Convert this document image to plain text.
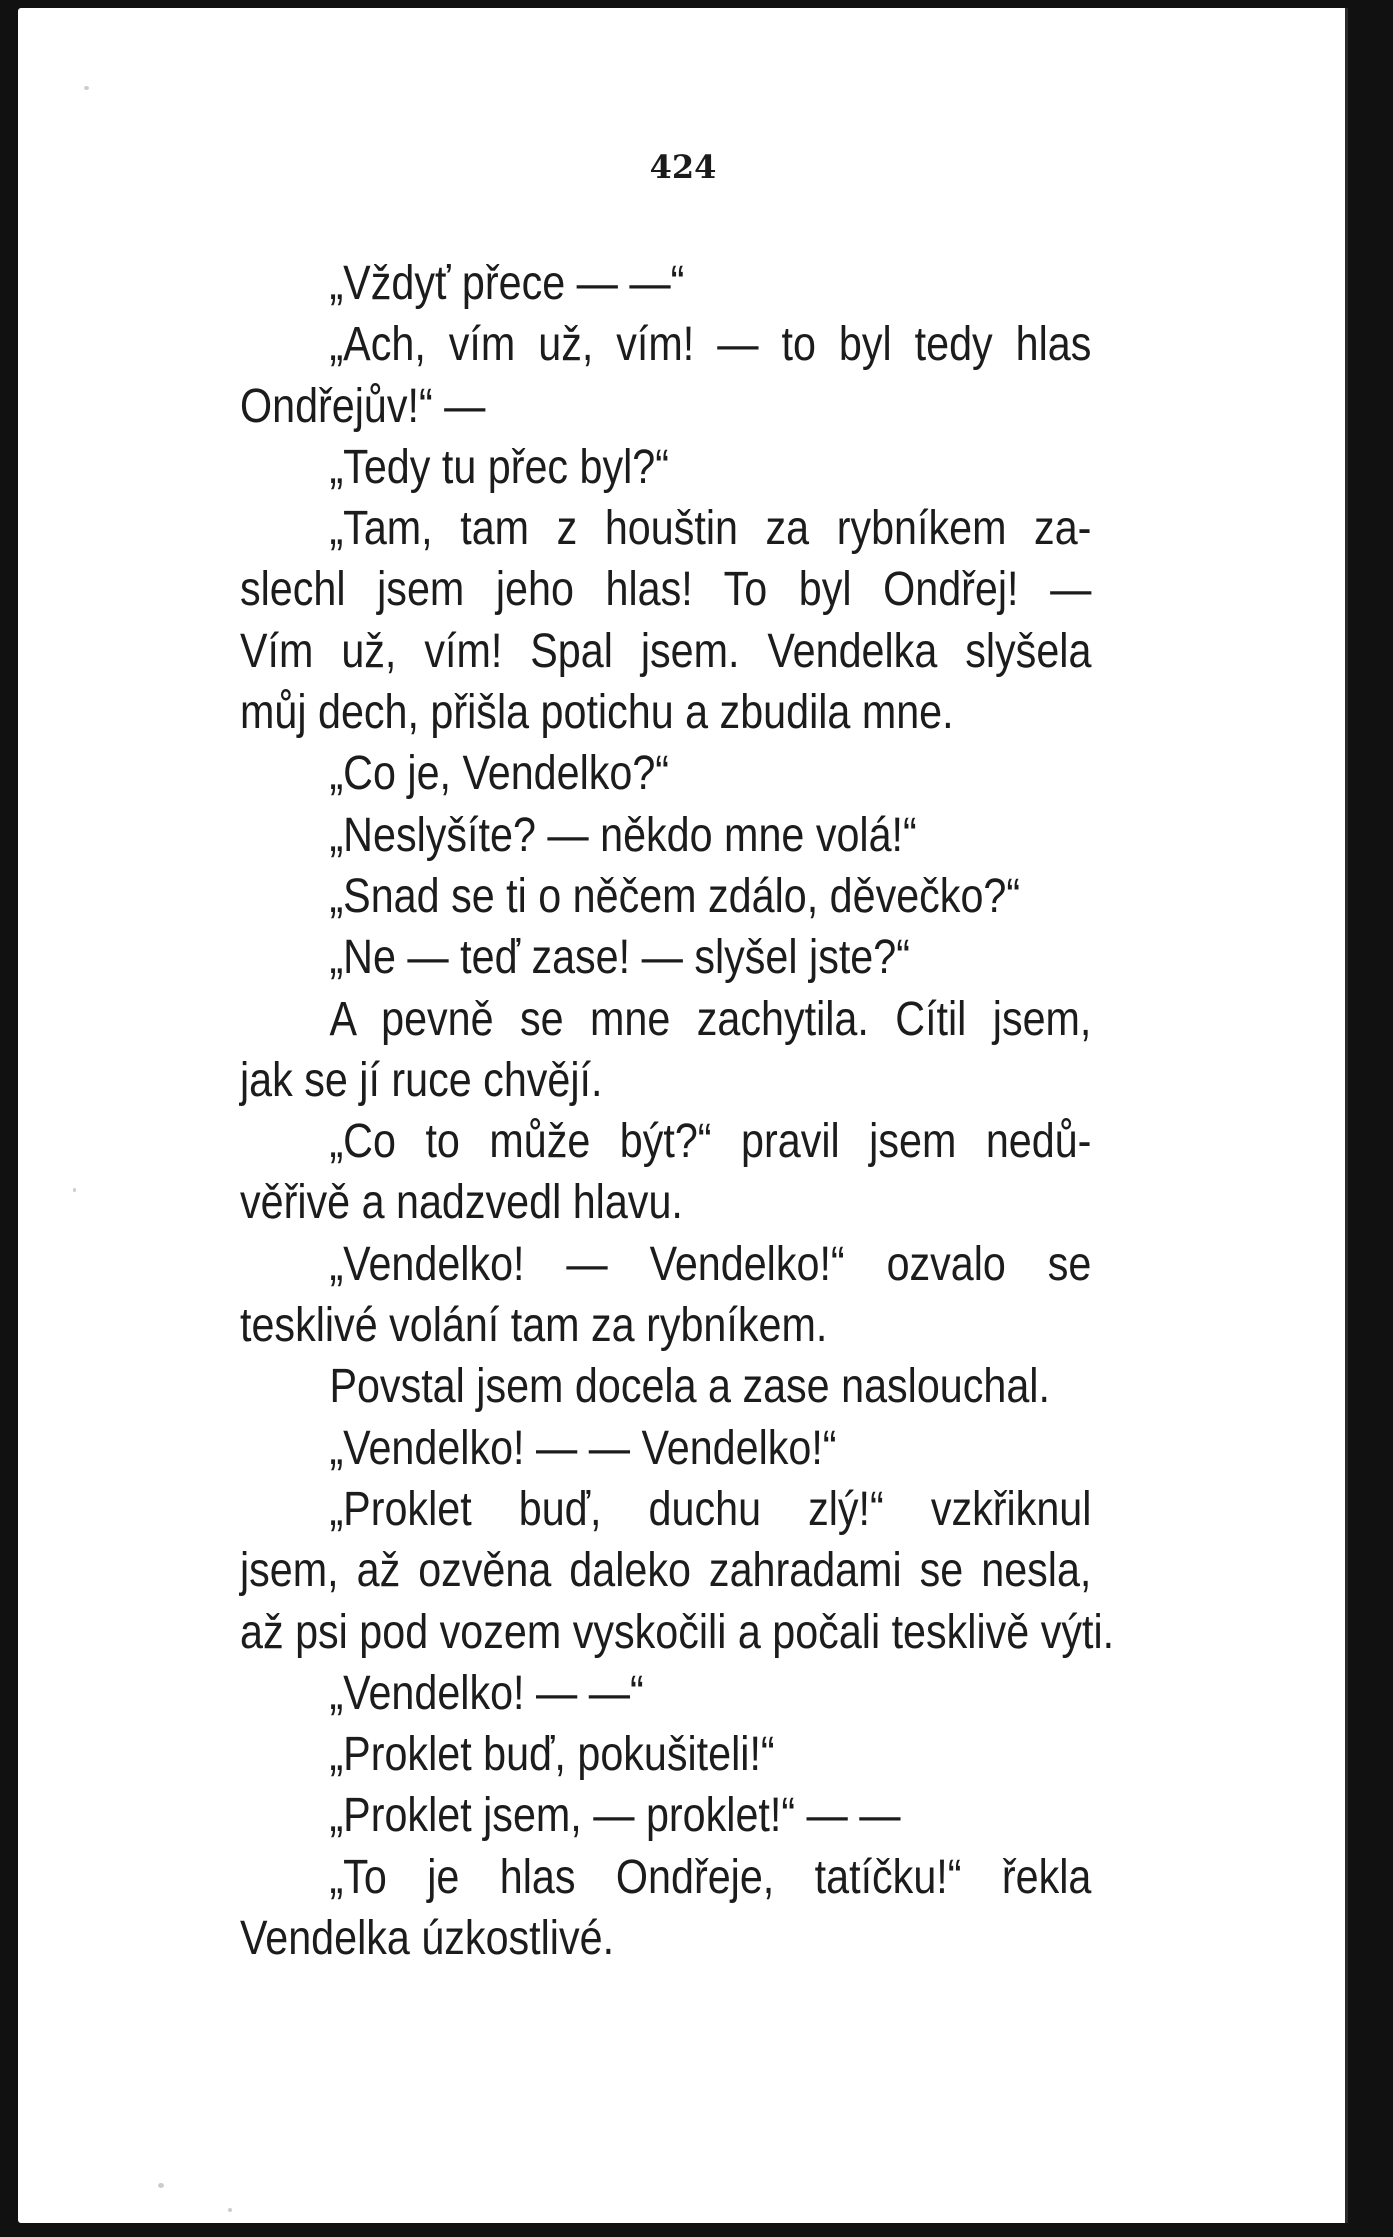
424
„Vždyť přece — —“
„Ach, vím už, vím! — to byl tedy hlas
Ondřejův!“ —
„Tedy tu přec byl?“
„Tam, tam z houštin za rybníkem za-
slechl jsem jeho hlas! To byl Ondřej! —
Vím už, vím! Spal jsem. Vendelka slyšela
můj dech, přišla potichu a zbudila mne.
„Co je, Vendelko?“
„Neslyšíte? — někdo mne volá!“
„Snad se ti o něčem zdálo, děvečko?“
„Ne — teď zase! — slyšel jste?“
A pevně se mne zachytila. Cítil jsem,
jak se jí ruce chvějí.
„Co to může být?“ pravil jsem nedů-
věřivě a nadzvedl hlavu.
„Vendelko! — Vendelko!“ ozvalo se
tesklivé volání tam za rybníkem.
Povstal jsem docela a zase naslouchal.
„Vendelko! — — Vendelko!“
„Proklet buď, duchu zlý!“ vzkřiknul
jsem, až ozvěna daleko zahradami se nesla,
až psi pod vozem vyskočili a počali tesklivě výti.
„Vendelko! — —“
„Proklet buď, pokušiteli!“
„Proklet jsem, — proklet!“ — —
„To je hlas Ondřeje, tatíčku!“ řekla
Vendelka úzkostlivé.
